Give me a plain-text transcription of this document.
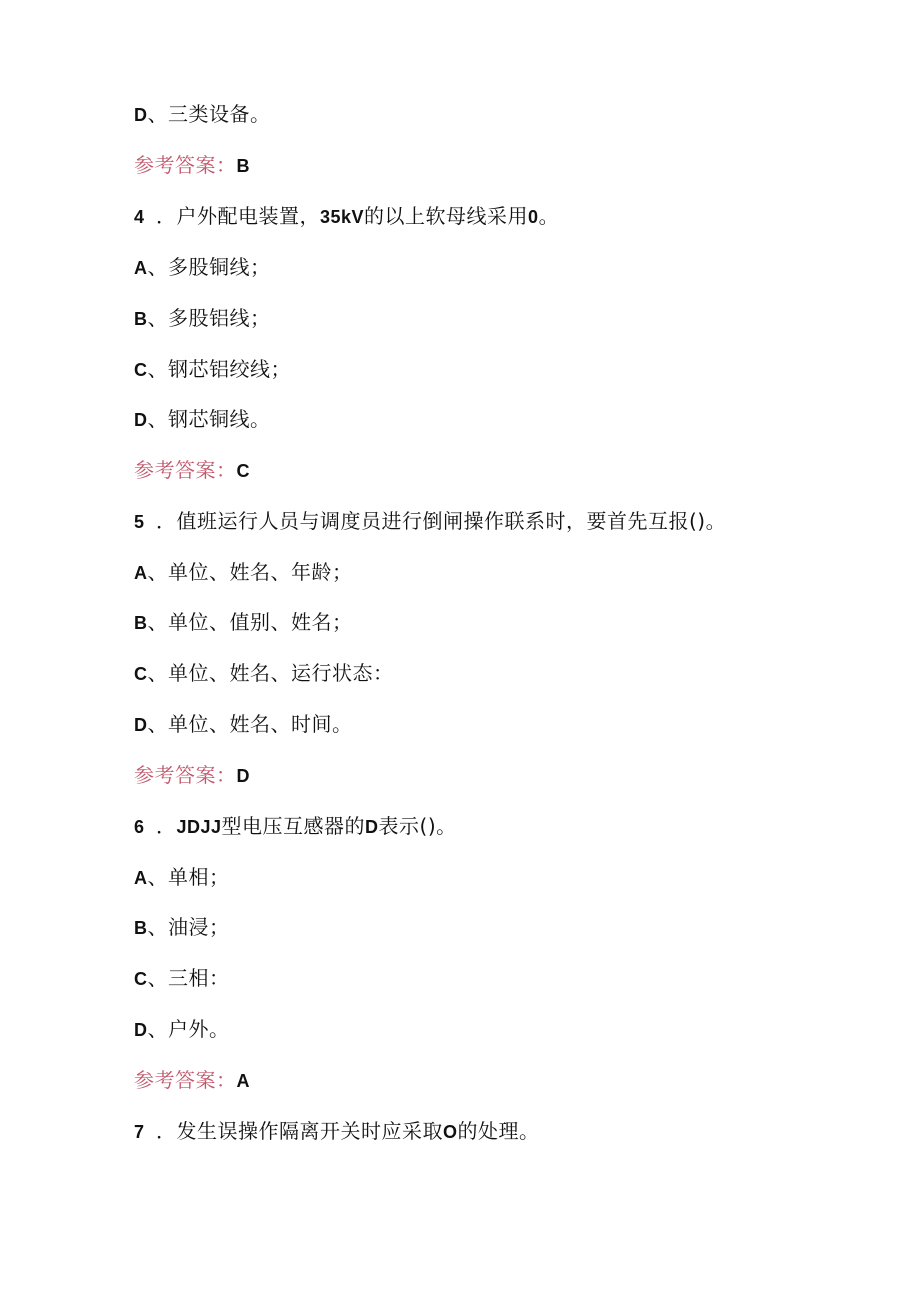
D、三类设备。
参考答案：B
4 ．户外配电装置，35kV的以上软母线采用0。
A、多股铜线；
B、多股铝线；
C、钢芯铝绞线；
D、钢芯铜线。
参考答案：C
5 ．值班运行人员与调度员进行倒闸操作联系时，要首先互报()。
A、单位、姓名、年龄；
B、单位、值别、姓名；
C、单位、姓名、运行状态：
D、单位、姓名、时间。
参考答案：D
6 ．JDJJ型电压互感器的D表示()。
A、单相；
B、油浸；
C、三相：
D、户外。
参考答案：A
7 ．发生误操作隔离开关时应采取O的处理。
